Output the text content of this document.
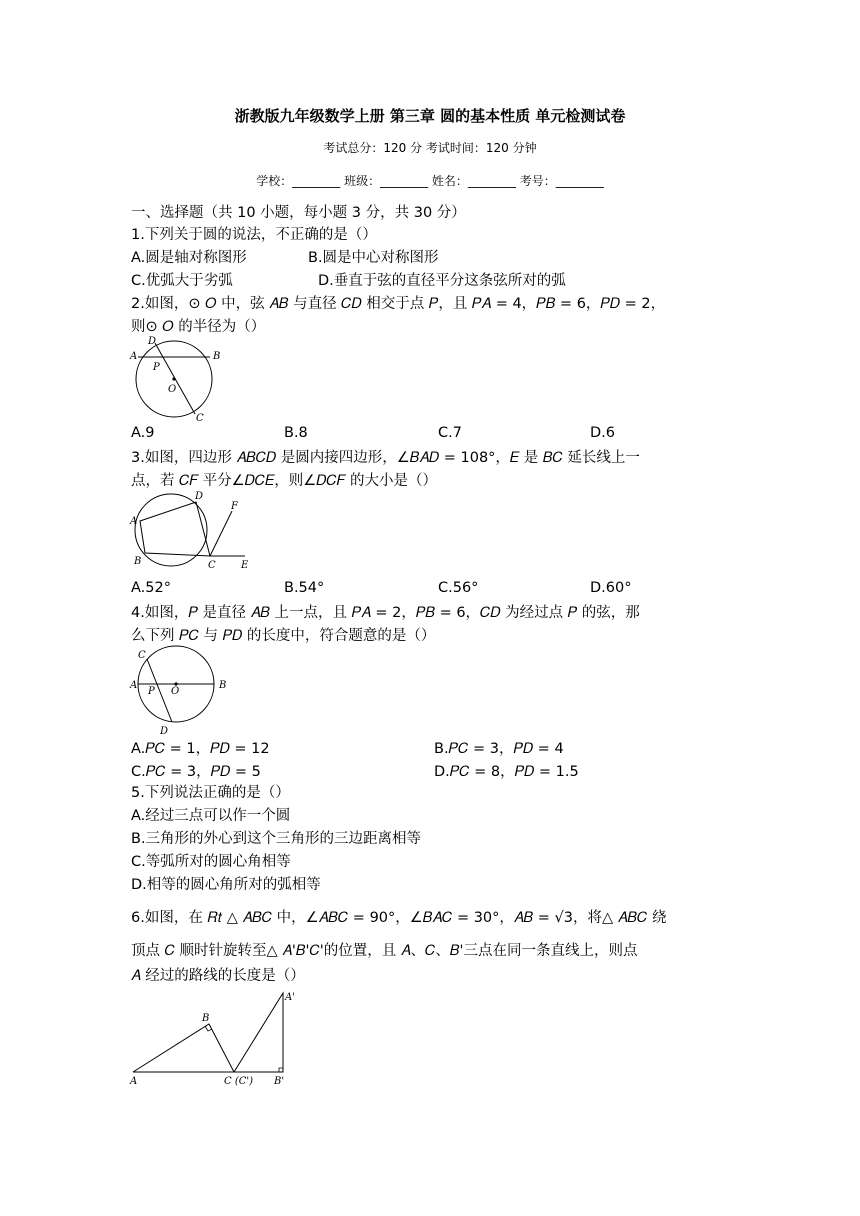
浙教版九年级数学上册 第三章 圆的基本性质 单元检测试卷
考试总分：120 分 考试时间：120 分钟
学校：________ 班级：________ 姓名：________ 考号：________
一、选择题（共 10 小题，每小题 3 分，共 30 分）
1.下列关于圆的说法，不正确的是（）
A.圆是轴对称图形	B.圆是中心对称图形
C.优弧大于劣弧	D.垂直于弦的直径平分这条弦所对的弧
2.如图，⊙ 𝑂 中，弦 𝐴𝐵 与直径 𝐶𝐷 相交于点 𝑃，且 𝑃𝐴 = 4，𝑃𝐵 = 6，𝑃𝐷 = 2，
则⊙ 𝑂 的半径为（）
A	B
D
P
O
C
A.9	B.8	C.7	D.6
3.如图，四边形 𝐴𝐵𝐶𝐷 是圆内接四边形，∠𝐵𝐴𝐷 = 108°，𝐸 是 𝐵𝐶 延长线上一
点，若 𝐶𝐹 平分∠𝐷𝐶𝐸，则∠𝐷𝐶𝐹 的大小是（）
A
B
D
C
F
E
A.52°	B.54°	C.56°	D.60°
4.如图，𝑃 是直径 𝐴𝐵 上一点，且 𝑃𝐴 = 2，𝑃𝐵 = 6，𝐶𝐷 为经过点 𝑃 的弦，那
么下列 𝑃𝐶 与 𝑃𝐷 的长度中，符合题意的是（）
C
A
P O
B
D
A.𝑃𝐶 = 1，𝑃𝐷 = 12	B.𝑃𝐶 = 3，𝑃𝐷 = 4
C.𝑃𝐶 = 3，𝑃𝐷 = 5	D.𝑃𝐶 = 8，𝑃𝐷 = 1.5
5.下列说法正确的是（）
A.经过三点可以作一个圆
B.三角形的外心到这个三角形的三边距离相等
C.等弧所对的圆心角相等
D.相等的圆心角所对的弧相等
6.如图，在 𝑅𝑡 △ 𝐴𝐵𝐶 中，∠𝐴𝐵𝐶 = 90°，∠𝐵𝐴𝐶 = 30°，𝐴𝐵 = √3，将△ 𝐴𝐵𝐶 绕
顶点 𝐶 顺时针旋转至△ 𝐴'𝐵'𝐶'的位置，且 𝐴、𝐶、𝐵'三点在同一条直线上，则点
𝐴 经过的路线的长度是（）
A
B
C (C')
A'
B'
